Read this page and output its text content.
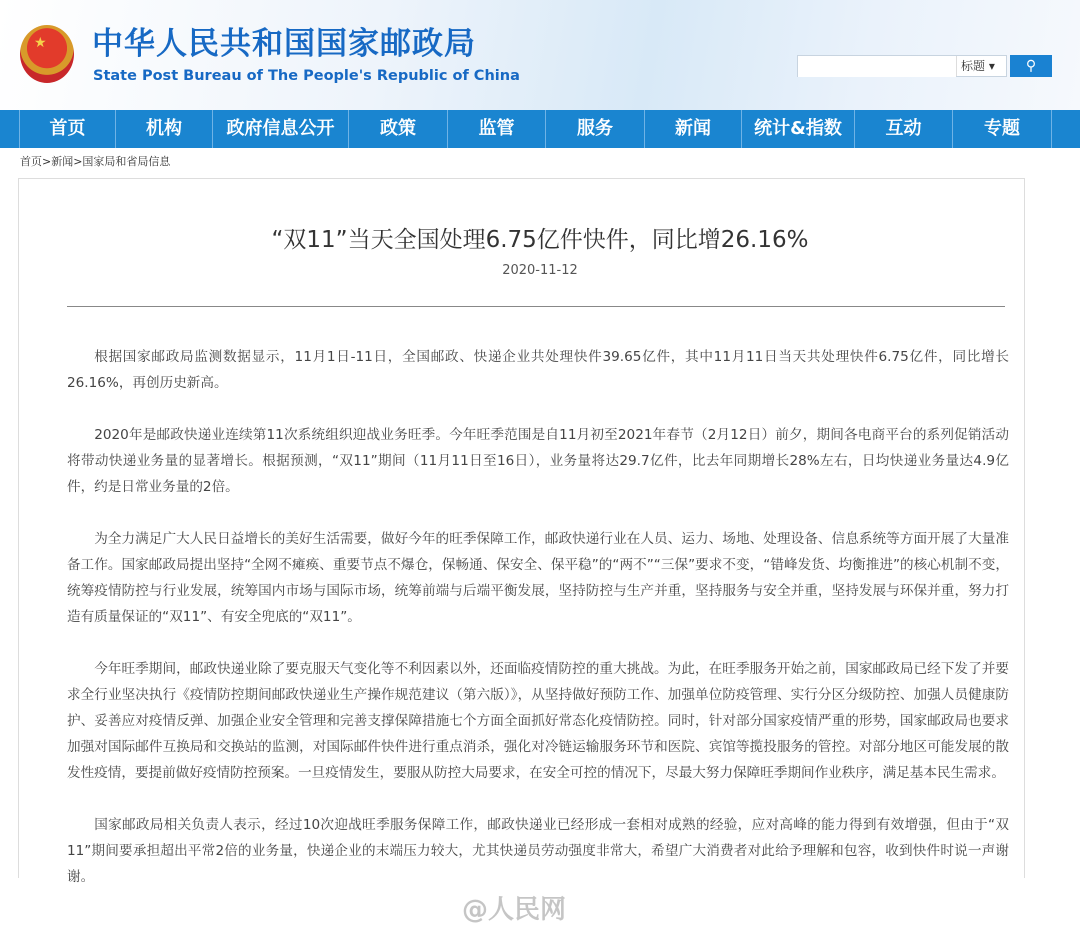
★ 中华人民共和国国家邮政局
State Post Bureau of The People's Republic of China
标题 ▾	⚲
首页	机构	政府信息公开	政策	监管	服务	新闻	统计&指数	互动	专题
首页>新闻>国家局和省局信息
“双11”当天全国处理6.75亿件快件，同比增26.16%
2020-11-12

根据国家邮政局监测数据显示，11月1日-11日，全国邮政、快递企业共处理快件39.65亿件，其中11月11日当天共处理快件6.75亿件，同比增长26.16%，再创历史新高。

2020年是邮政快递业连续第11次系统组织迎战业务旺季。今年旺季范围是自11月初至2021年春节（2月12日）前夕，期间各电商平台的系列促销活动将带动快递业务量的显著增长。根据预测，“双11”期间（11月11日至16日），业务量将达29.7亿件，比去年同期增长28%左右，日均快递业务量达4.9亿件，约是日常业务量的2倍。

为全力满足广大人民日益增长的美好生活需要，做好今年的旺季保障工作，邮政快递行业在人员、运力、场地、处理设备、信息系统等方面开展了大量准备工作。国家邮政局提出坚持“全网不瘫痪、重要节点不爆仓，保畅通、保安全、保平稳”的“两不”“三保”要求不变，“错峰发货、均衡推进”的核心机制不变，统筹疫情防控与行业发展，统筹国内市场与国际市场，统筹前端与后端平衡发展，坚持防控与生产并重，坚持服务与安全并重，坚持发展与环保并重，努力打造有质量保证的“双11”、有安全兜底的“双11”。

今年旺季期间，邮政快递业除了要克服天气变化等不利因素以外，还面临疫情防控的重大挑战。为此，在旺季服务开始之前，国家邮政局已经下发了并要求全行业坚决执行《疫情防控期间邮政快递业生产操作规范建议（第六版）》，从坚持做好预防工作、加强单位防疫管理、实行分区分级防控、加强人员健康防护、妥善应对疫情反弹、加强企业安全管理和完善支撑保障措施七个方面全面抓好常态化疫情防控。同时，针对部分国家疫情严重的形势，国家邮政局也要求加强对国际邮件互换局和交换站的监测，对国际邮件快件进行重点消杀，强化对冷链运输服务环节和医院、宾馆等揽投服务的管控。对部分地区可能发展的散发性疫情，要提前做好疫情防控预案。一旦疫情发生，要服从防控大局要求，在安全可控的情况下，尽最大努力保障旺季期间作业秩序，满足基本民生需求。

国家邮政局相关负责人表示，经过10次迎战旺季服务保障工作，邮政快递业已经形成一套相对成熟的经验，应对高峰的能力得到有效增强，但由于“双11”期间要承担超出平常2倍的业务量，快递企业的末端压力较大，尤其快递员劳动强度非常大，希望广大消费者对此给予理解和包容，收到快件时说一声谢谢。

@人民网
